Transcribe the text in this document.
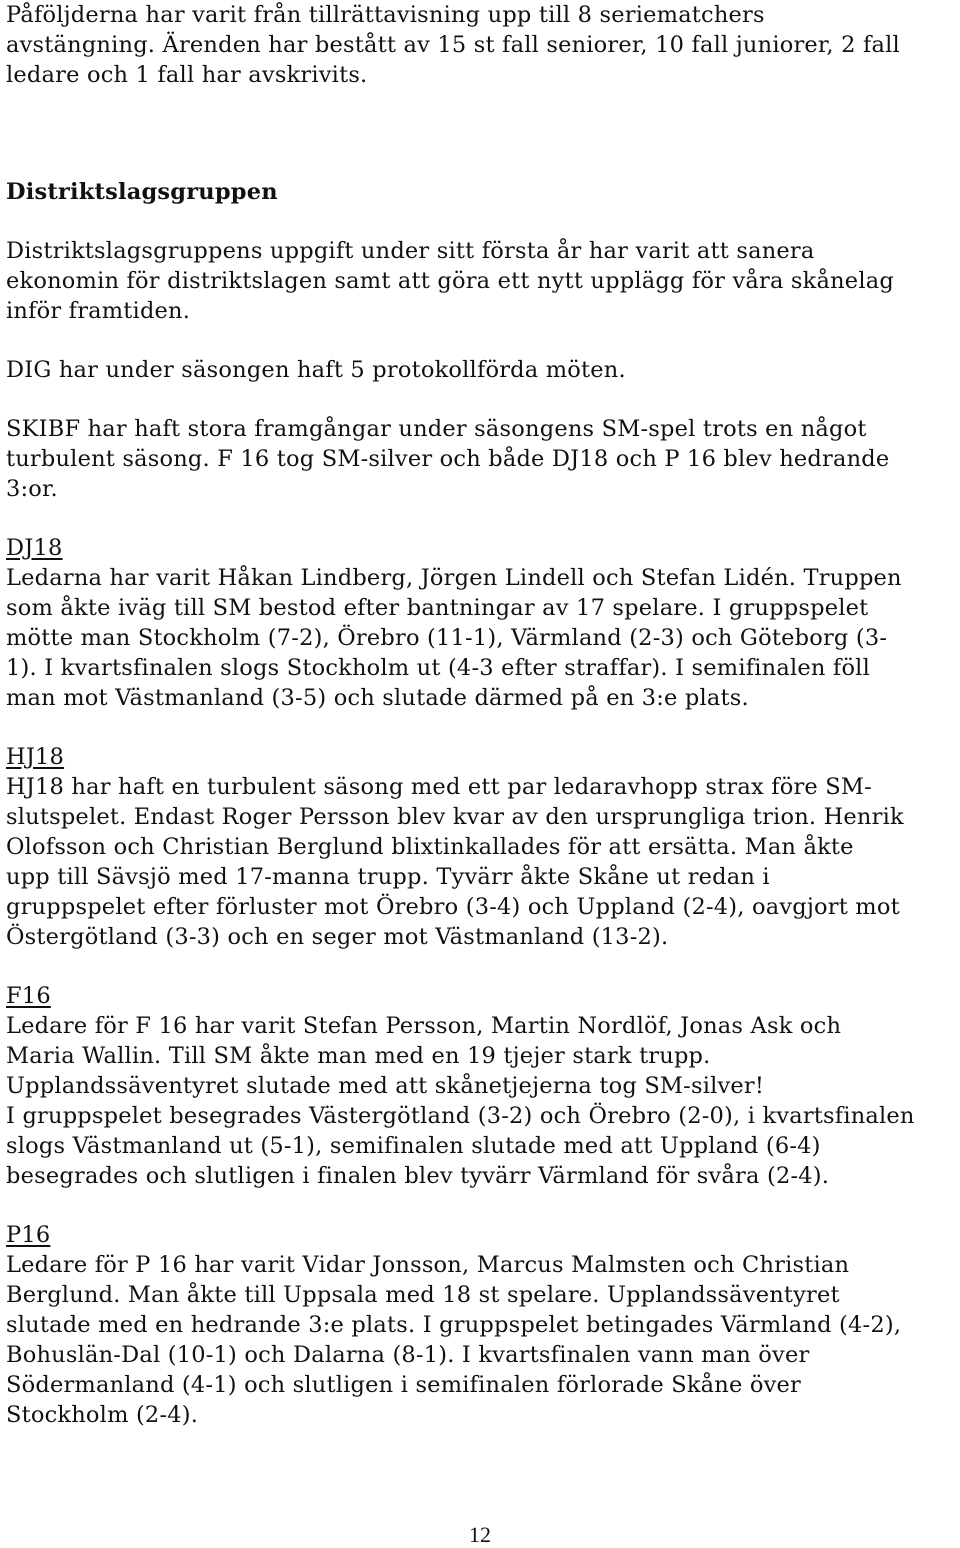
Påföljderna har varit från tillrättavisning upp till 8 seriematchers
avstängning. Ärenden har bestått av 15 st fall seniorer, 10 fall juniorer, 2 fall
ledare och 1 fall har avskrivits.
Distriktslagsgruppen
Distriktslagsgruppens uppgift under sitt första år har varit att sanera
ekonomin för distriktslagen samt att göra ett nytt upplägg för våra skånelag
inför framtiden.
DIG har under säsongen haft 5 protokollförda möten.
SKIBF har haft stora framgångar under säsongens SM-spel trots en något
turbulent säsong. F 16 tog SM-silver och både DJ18 och P 16 blev hedrande
3:or.
DJ18
Ledarna har varit Håkan Lindberg, Jörgen Lindell och Stefan Lidén. Truppen
som åkte iväg till SM bestod efter bantningar av 17 spelare. I gruppspelet
mötte man Stockholm (7-2), Örebro (11-1), Värmland (2-3) och Göteborg (3-
1). I kvartsfinalen slogs Stockholm ut (4-3 efter straffar). I semifinalen föll
man mot Västmanland (3-5) och slutade därmed på en 3:e plats.
HJ18
HJ18 har haft en turbulent säsong med ett par ledaravhopp strax före SM-
slutspelet. Endast Roger Persson blev kvar av den ursprungliga trion. Henrik
Olofsson och Christian Berglund blixtinkallades för att ersätta. Man åkte
upp till Sävsjö med 17-manna trupp. Tyvärr åkte Skåne ut redan i
gruppspelet efter förluster mot Örebro (3-4) och Uppland (2-4), oavgjort mot
Östergötland (3-3) och en seger mot Västmanland (13-2).
F16
Ledare för F 16 har varit Stefan Persson, Martin Nordlöf, Jonas Ask och
Maria Wallin. Till SM åkte man med en 19 tjejer stark trupp.
Upplandssäventyret slutade med att skånetjejerna tog SM-silver!
I gruppspelet besegrades Västergötland (3-2) och Örebro (2-0), i kvartsfinalen
slogs Västmanland ut (5-1), semifinalen slutade med att Uppland (6-4)
besegrades och slutligen i finalen blev tyvärr Värmland för svåra (2-4).
P16
Ledare för P 16 har varit Vidar Jonsson, Marcus Malmsten och Christian
Berglund. Man åkte till Uppsala med 18 st spelare. Upplandssäventyret
slutade med en hedrande 3:e plats. I gruppspelet betingades Värmland (4-2),
Bohuslän-Dal (10-1) och Dalarna (8-1). I kvartsfinalen vann man över
Södermanland (4-1) och slutligen i semifinalen förlorade Skåne över
Stockholm (2-4).
12
